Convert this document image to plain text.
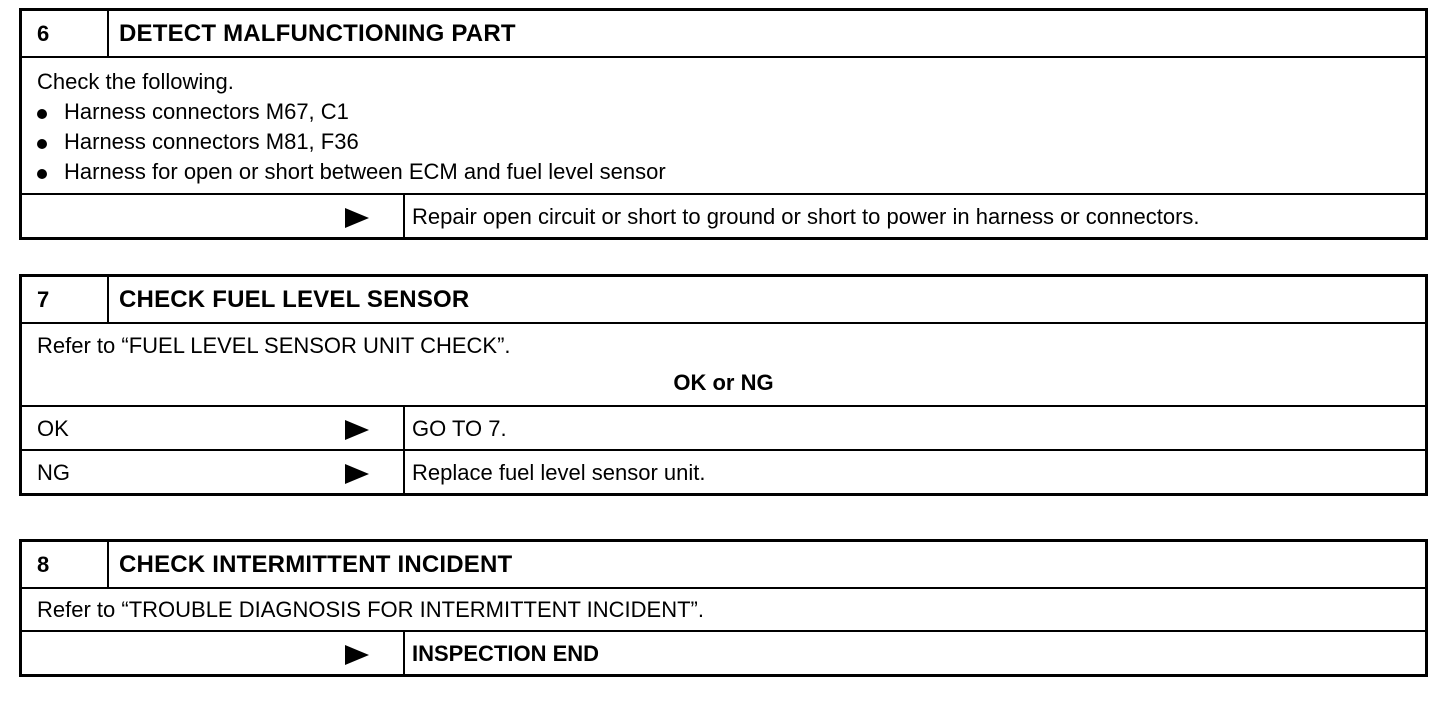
6	DETECT MALFUNCTIONING PART
Check the following.
Harness connectors M67, C1
Harness connectors M81, F36
Harness for open or short between ECM and fuel level sensor
Repair open circuit or short to ground or short to power in harness or connectors.
7	CHECK FUEL LEVEL SENSOR
Refer to “FUEL LEVEL SENSOR UNIT CHECK”.
OK or NG
OK	GO TO 7.
NG	Replace fuel level sensor unit.
8	CHECK INTERMITTENT INCIDENT
Refer to “TROUBLE DIAGNOSIS FOR INTERMITTENT INCIDENT”.
INSPECTION END
